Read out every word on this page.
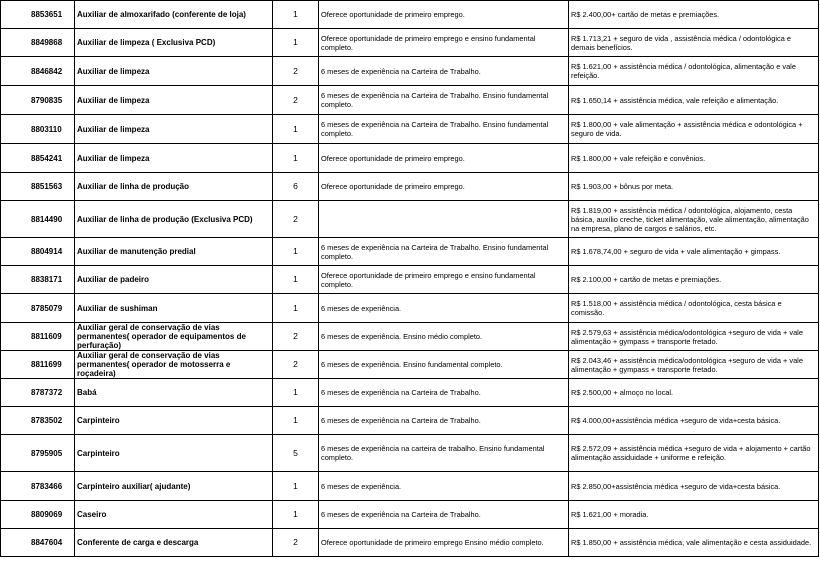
8853651	Auxiliar de almoxarifado (conferente de loja)	1	Oferece oportunidade de primeiro emprego.	R$ 2.400,00+ cartão de metas e premiações.
8849868	Auxiliar de limpeza ( Exclusiva PCD)	1	Oferece oportunidade de primeiro emprego e ensino fundamental completo.	R$ 1.713,21 + seguro de vida , assistência médica / odontológica e demais benefícios.
8846842	Auxiliar de limpeza	2	6 meses de experiência na Carteira de Trabalho.	R$ 1.621,00 + assistência médica / odontológica, alimentação e vale refeição.
8790835	Auxiliar de limpeza	2	6 meses de experiência na Carteira de Trabalho. Ensino fundamental completo.	R$ 1.650,14 + assistência médica, vale refeição e alimentação.
8803110	Auxiliar de limpeza	1	6 meses de experiência na Carteira de Trabalho. Ensino fundamental completo.	R$ 1.800,00 + vale alimentação + assistência médica e odontológica + seguro de vida.
8854241	Auxiliar de limpeza	1	Oferece oportunidade de primeiro emprego.	R$ 1.800,00 + vale refeição e convênios.
8851563	Auxiliar de linha de produção	6	Oferece oportunidade de primeiro emprego.	R$ 1.903,00 + bônus por meta.
8814490	Auxiliar de linha de produção (Exclusiva PCD)	2		R$ 1.819,00 + assistência médica / odontológica, alojamento, cesta básica, auxílio creche, ticket alimentação, vale alimentação, alimentação na empresa, plano de cargos e salários, etc.
8804914	Auxiliar de manutenção predial	1	6 meses de experiência na Carteira de Trabalho. Ensino fundamental completo.	R$ 1.678,74,00 + seguro de vida + vale alimentação + gimpass.
8838171	Auxiliar de padeiro	1	Oferece oportunidade de primeiro emprego e ensino fundamental completo.	R$ 2.100,00 + cartão de metas e premiações.
8785079	Auxiliar de sushiman	1	6 meses de experiência.	R$ 1.518,00 + assistência médica / odontológica, cesta básica e comissão.
8811609	Auxiliar geral de conservação de vias permanentes( operador de equipamentos de perfuração)	2	6 meses de experiência. Ensino médio completo.	R$ 2.579,63 + assistência médica/odontológica +seguro de vida + vale alimentação + gympass + transporte fretado.
8811699	Auxiliar geral de conservação de vias permanentes( operador de motosserra e roçadeira)	2	6 meses de experiência. Ensino fundamental completo.	R$ 2.043,46 + assistência médica/odontológica +seguro de vida + vale alimentação + gympass + transporte fretado.
8787372	Babá	1	6 meses de experiência na Carteira de Trabalho.	R$ 2.500,00 + almoço no local.
8783502	Carpinteiro	1	6 meses de experiência na Carteira de Trabalho.	R$ 4.000,00+assistência médica +seguro de vida+cesta básica.
8795905	Carpinteiro	5	6 meses de experiência na carteira de trabalho. Ensino fundamental completo.	R$ 2.572,09 + assistência médica +seguro de vida + alojamento + cartão alimentação assiduidade + uniforme e refeição.
8783466	Carpinteiro auxiliar( ajudante)	1	6 meses de experiência.	R$ 2.850,00+assistência médica +seguro de vida+cesta básica.
8809069	Caseiro	1	6 meses de experiência na Carteira de Trabalho.	R$ 1.621,00 + moradia.
8847604	Conferente de carga e descarga	2	Oferece oportunidade de primeiro emprego Ensino médio completo.	R$ 1.850,00 + assistência médica, vale alimentação e cesta assiduidade.
